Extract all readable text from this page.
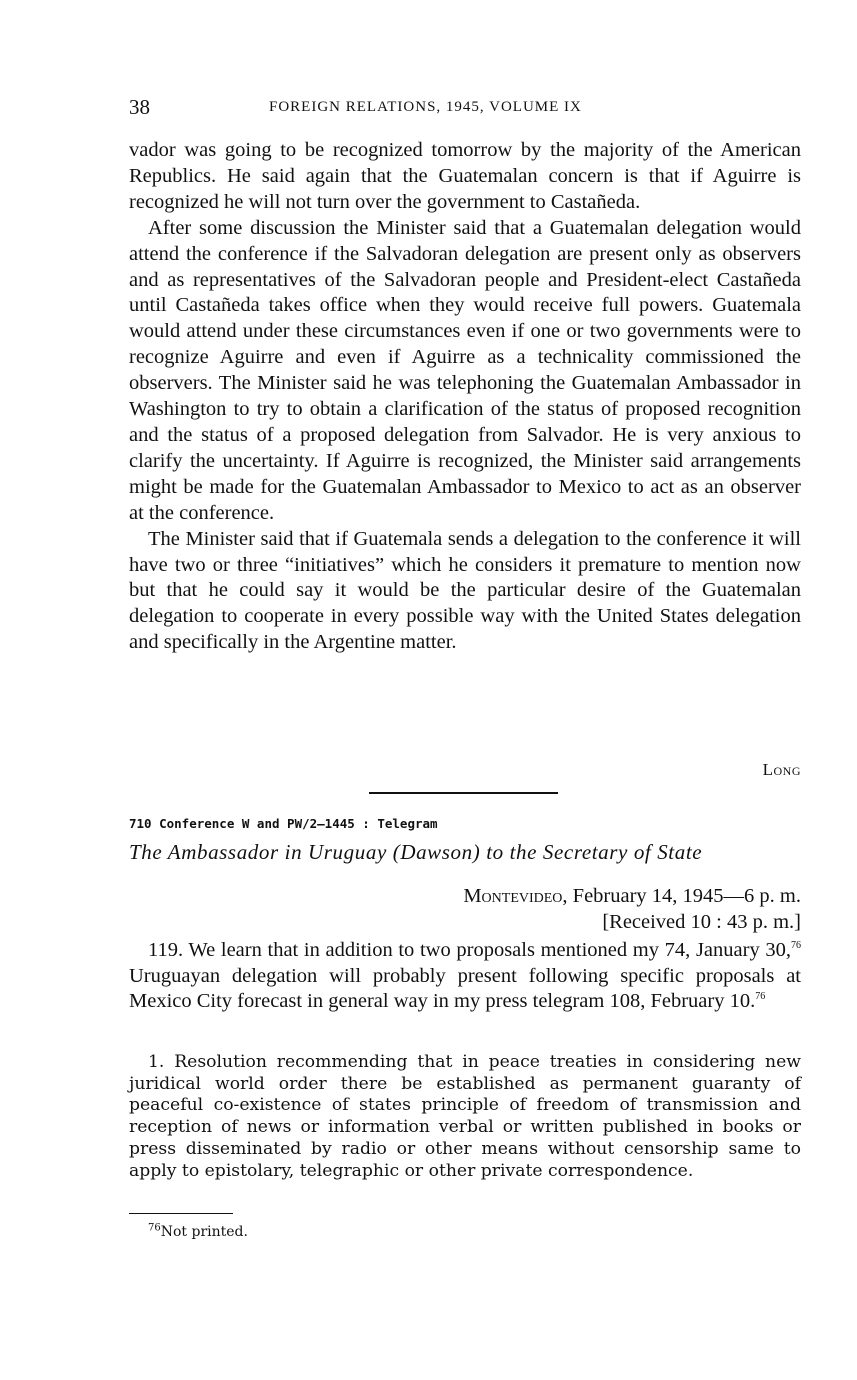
38	FOREIGN RELATIONS, 1945, VOLUME IX

vador was going to be recognized tomorrow by the majority of the American Republics. He said again that the Guatemalan concern is that if Aguirre is recognized he will not turn over the government to Castañeda.

After some discussion the Minister said that a Guatemalan delegation would attend the conference if the Salvadoran delegation are present only as observers and as representatives of the Salvadoran people and President-elect Castañeda until Castañeda takes office when they would receive full powers. Guatemala would attend under these circumstances even if one or two governments were to recognize Aguirre and even if Aguirre as a technicality commissioned the observers. The Minister said he was telephoning the Guatemalan Ambassador in Washington to try to obtain a clarification of the status of proposed recognition and the status of a proposed delegation from Salvador. He is very anxious to clarify the uncertainty. If Aguirre is recognized, the Minister said arrangements might be made for the Guatemalan Ambassador to Mexico to act as an observer at the conference.

The Minister said that if Guatemala sends a delegation to the conference it will have two or three “initiatives” which he considers it premature to mention now but that he could say it would be the particular desire of the Guatemalan delegation to cooperate in every possible way with the United States delegation and specifically in the Argentine matter.

Long
710 Conference W and PW/2–1445 : Telegram
The Ambassador in Uruguay (Dawson) to the Secretary of State
Montevideo, February 14, 1945—6 p. m.
[Received 10 : 43 p. m.]

119. We learn that in addition to two proposals mentioned my 74, January 30,76 Uruguayan delegation will probably present following specific proposals at Mexico City forecast in general way in my press telegram 108, February 10.76

1. Resolution recommending that in peace treaties in considering new juridical world order there be established as permanent guaranty of peaceful co-existence of states principle of freedom of transmission and reception of news or information verbal or written published in books or press disseminated by radio or other means without censorship same to apply to epistolary, telegraphic or other private correspondence.

$^{76}$Not printed.
